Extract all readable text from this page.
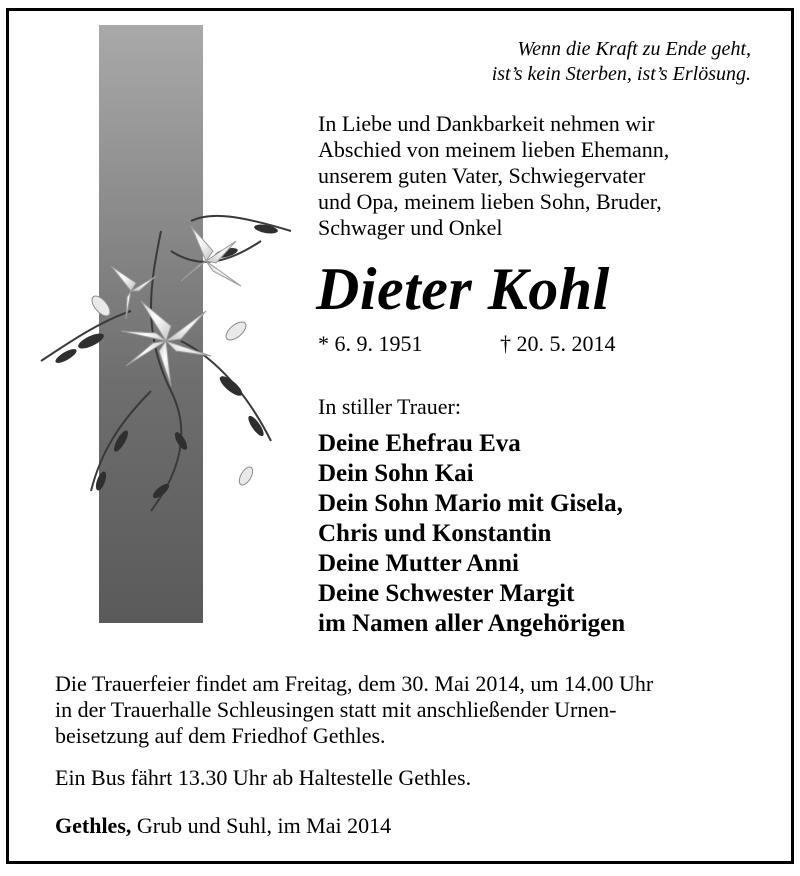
Wenn die Kraft zu Ende geht,
ist’s kein Sterben, ist’s Erlösung.
In Liebe und Dankbarkeit nehmen wir
Abschied von meinem lieben Ehemann,
unserem guten Vater, Schwiegervater
und Opa, meinem lieben Sohn, Bruder,
Schwager und Onkel
Dieter Kohl
* 6. 9. 1951	† 20. 5. 2014
In stiller Trauer:
Deine Ehefrau Eva
Dein Sohn Kai
Dein Sohn Mario mit Gisela,
Chris und Konstantin
Deine Mutter Anni
Deine Schwester Margit
im Namen aller Angehörigen
Die Trauerfeier findet am Freitag, dem 30. Mai 2014, um 14.00 Uhr
in der Trauerhalle Schleusingen statt mit anschließender Urnen-
beisetzung auf dem Friedhof Gethles.
Ein Bus fährt 13.30 Uhr ab Haltestelle Gethles.
Gethles, Grub und Suhl, im Mai 2014
